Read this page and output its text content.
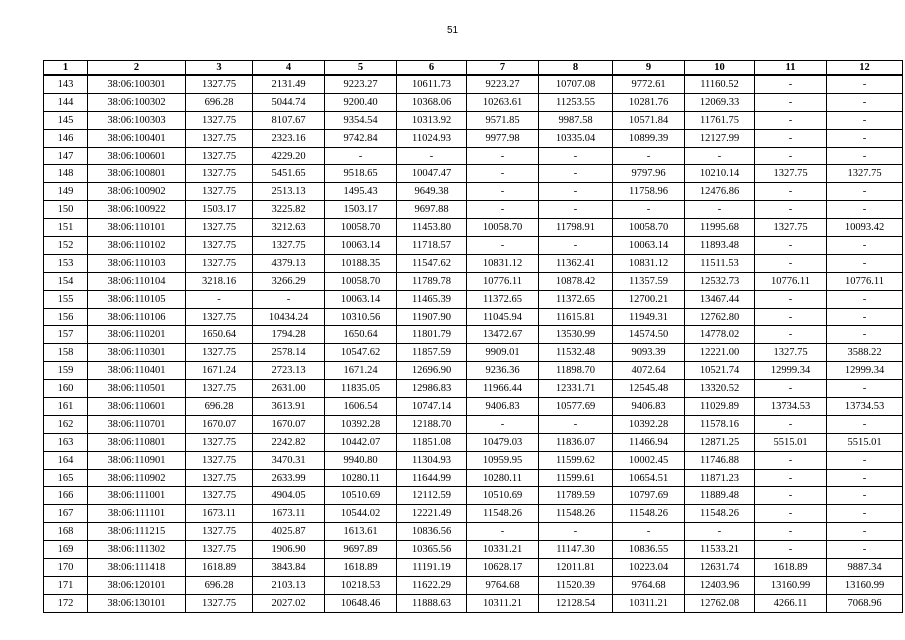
51
1	2	3	4	5	6	7	8	9	10	11	12
143	38:06:100301	1327.75	2131.49	9223.27	10611.73	9223.27	10707.08	9772.61	11160.52	-	-
144	38:06:100302	696.28	5044.74	9200.40	10368.06	10263.61	11253.55	10281.76	12069.33	-	-
145	38:06:100303	1327.75	8107.67	9354.54	10313.92	9571.85	9987.58	10571.84	11761.75	-	-
146	38:06:100401	1327.75	2323.16	9742.84	11024.93	9977.98	10335.04	10899.39	12127.99	-	-
147	38:06:100601	1327.75	4229.20	-	-	-	-	-	-	-	-
148	38:06:100801	1327.75	5451.65	9518.65	10047.47	-	-	9797.96	10210.14	1327.75	1327.75
149	38:06:100902	1327.75	2513.13	1495.43	9649.38	-	-	11758.96	12476.86	-	-
150	38:06:100922	1503.17	3225.82	1503.17	9697.88	-	-	-	-	-	-
151	38:06:110101	1327.75	3212.63	10058.70	11453.80	10058.70	11798.91	10058.70	11995.68	1327.75	10093.42
152	38:06:110102	1327.75	1327.75	10063.14	11718.57	-	-	10063.14	11893.48	-	-
153	38:06:110103	1327.75	4379.13	10188.35	11547.62	10831.12	11362.41	10831.12	11511.53	-	-
154	38:06:110104	3218.16	3266.29	10058.70	11789.78	10776.11	10878.42	11357.59	12532.73	10776.11	10776.11
155	38:06:110105	-	-	10063.14	11465.39	11372.65	11372.65	12700.21	13467.44	-	-
156	38:06:110106	1327.75	10434.24	10310.56	11907.90	11045.94	11615.81	11949.31	12762.80	-	-
157	38:06:110201	1650.64	1794.28	1650.64	11801.79	13472.67	13530.99	14574.50	14778.02	-	-
158	38:06:110301	1327.75	2578.14	10547.62	11857.59	9909.01	11532.48	9093.39	12221.00	1327.75	3588.22
159	38:06:110401	1671.24	2723.13	1671.24	12696.90	9236.36	11898.70	4072.64	10521.74	12999.34	12999.34
160	38:06:110501	1327.75	2631.00	11835.05	12986.83	11966.44	12331.71	12545.48	13320.52	-	-
161	38:06:110601	696.28	3613.91	1606.54	10747.14	9406.83	10577.69	9406.83	11029.89	13734.53	13734.53
162	38:06:110701	1670.07	1670.07	10392.28	12188.70	-	-	10392.28	11578.16	-	-
163	38:06:110801	1327.75	2242.82	10442.07	11851.08	10479.03	11836.07	11466.94	12871.25	5515.01	5515.01
164	38:06:110901	1327.75	3470.31	9940.80	11304.93	10959.95	11599.62	10002.45	11746.88	-	-
165	38:06:110902	1327.75	2633.99	10280.11	11644.99	10280.11	11599.61	10654.51	11871.23	-	-
166	38:06:111001	1327.75	4904.05	10510.69	12112.59	10510.69	11789.59	10797.69	11889.48	-	-
167	38:06:111101	1673.11	1673.11	10544.02	12221.49	11548.26	11548.26	11548.26	11548.26	-	-
168	38:06:111215	1327.75	4025.87	1613.61	10836.56	-	-	-	-	-	-
169	38:06:111302	1327.75	1906.90	9697.89	10365.56	10331.21	11147.30	10836.55	11533.21	-	-
170	38:06:111418	1618.89	3843.84	1618.89	11191.19	10628.17	12011.81	10223.04	12631.74	1618.89	9887.34
171	38:06:120101	696.28	2103.13	10218.53	11622.29	9764.68	11520.39	9764.68	12403.96	13160.99	13160.99
172	38:06:130101	1327.75	2027.02	10648.46	11888.63	10311.21	12128.54	10311.21	12762.08	4266.11	7068.96
